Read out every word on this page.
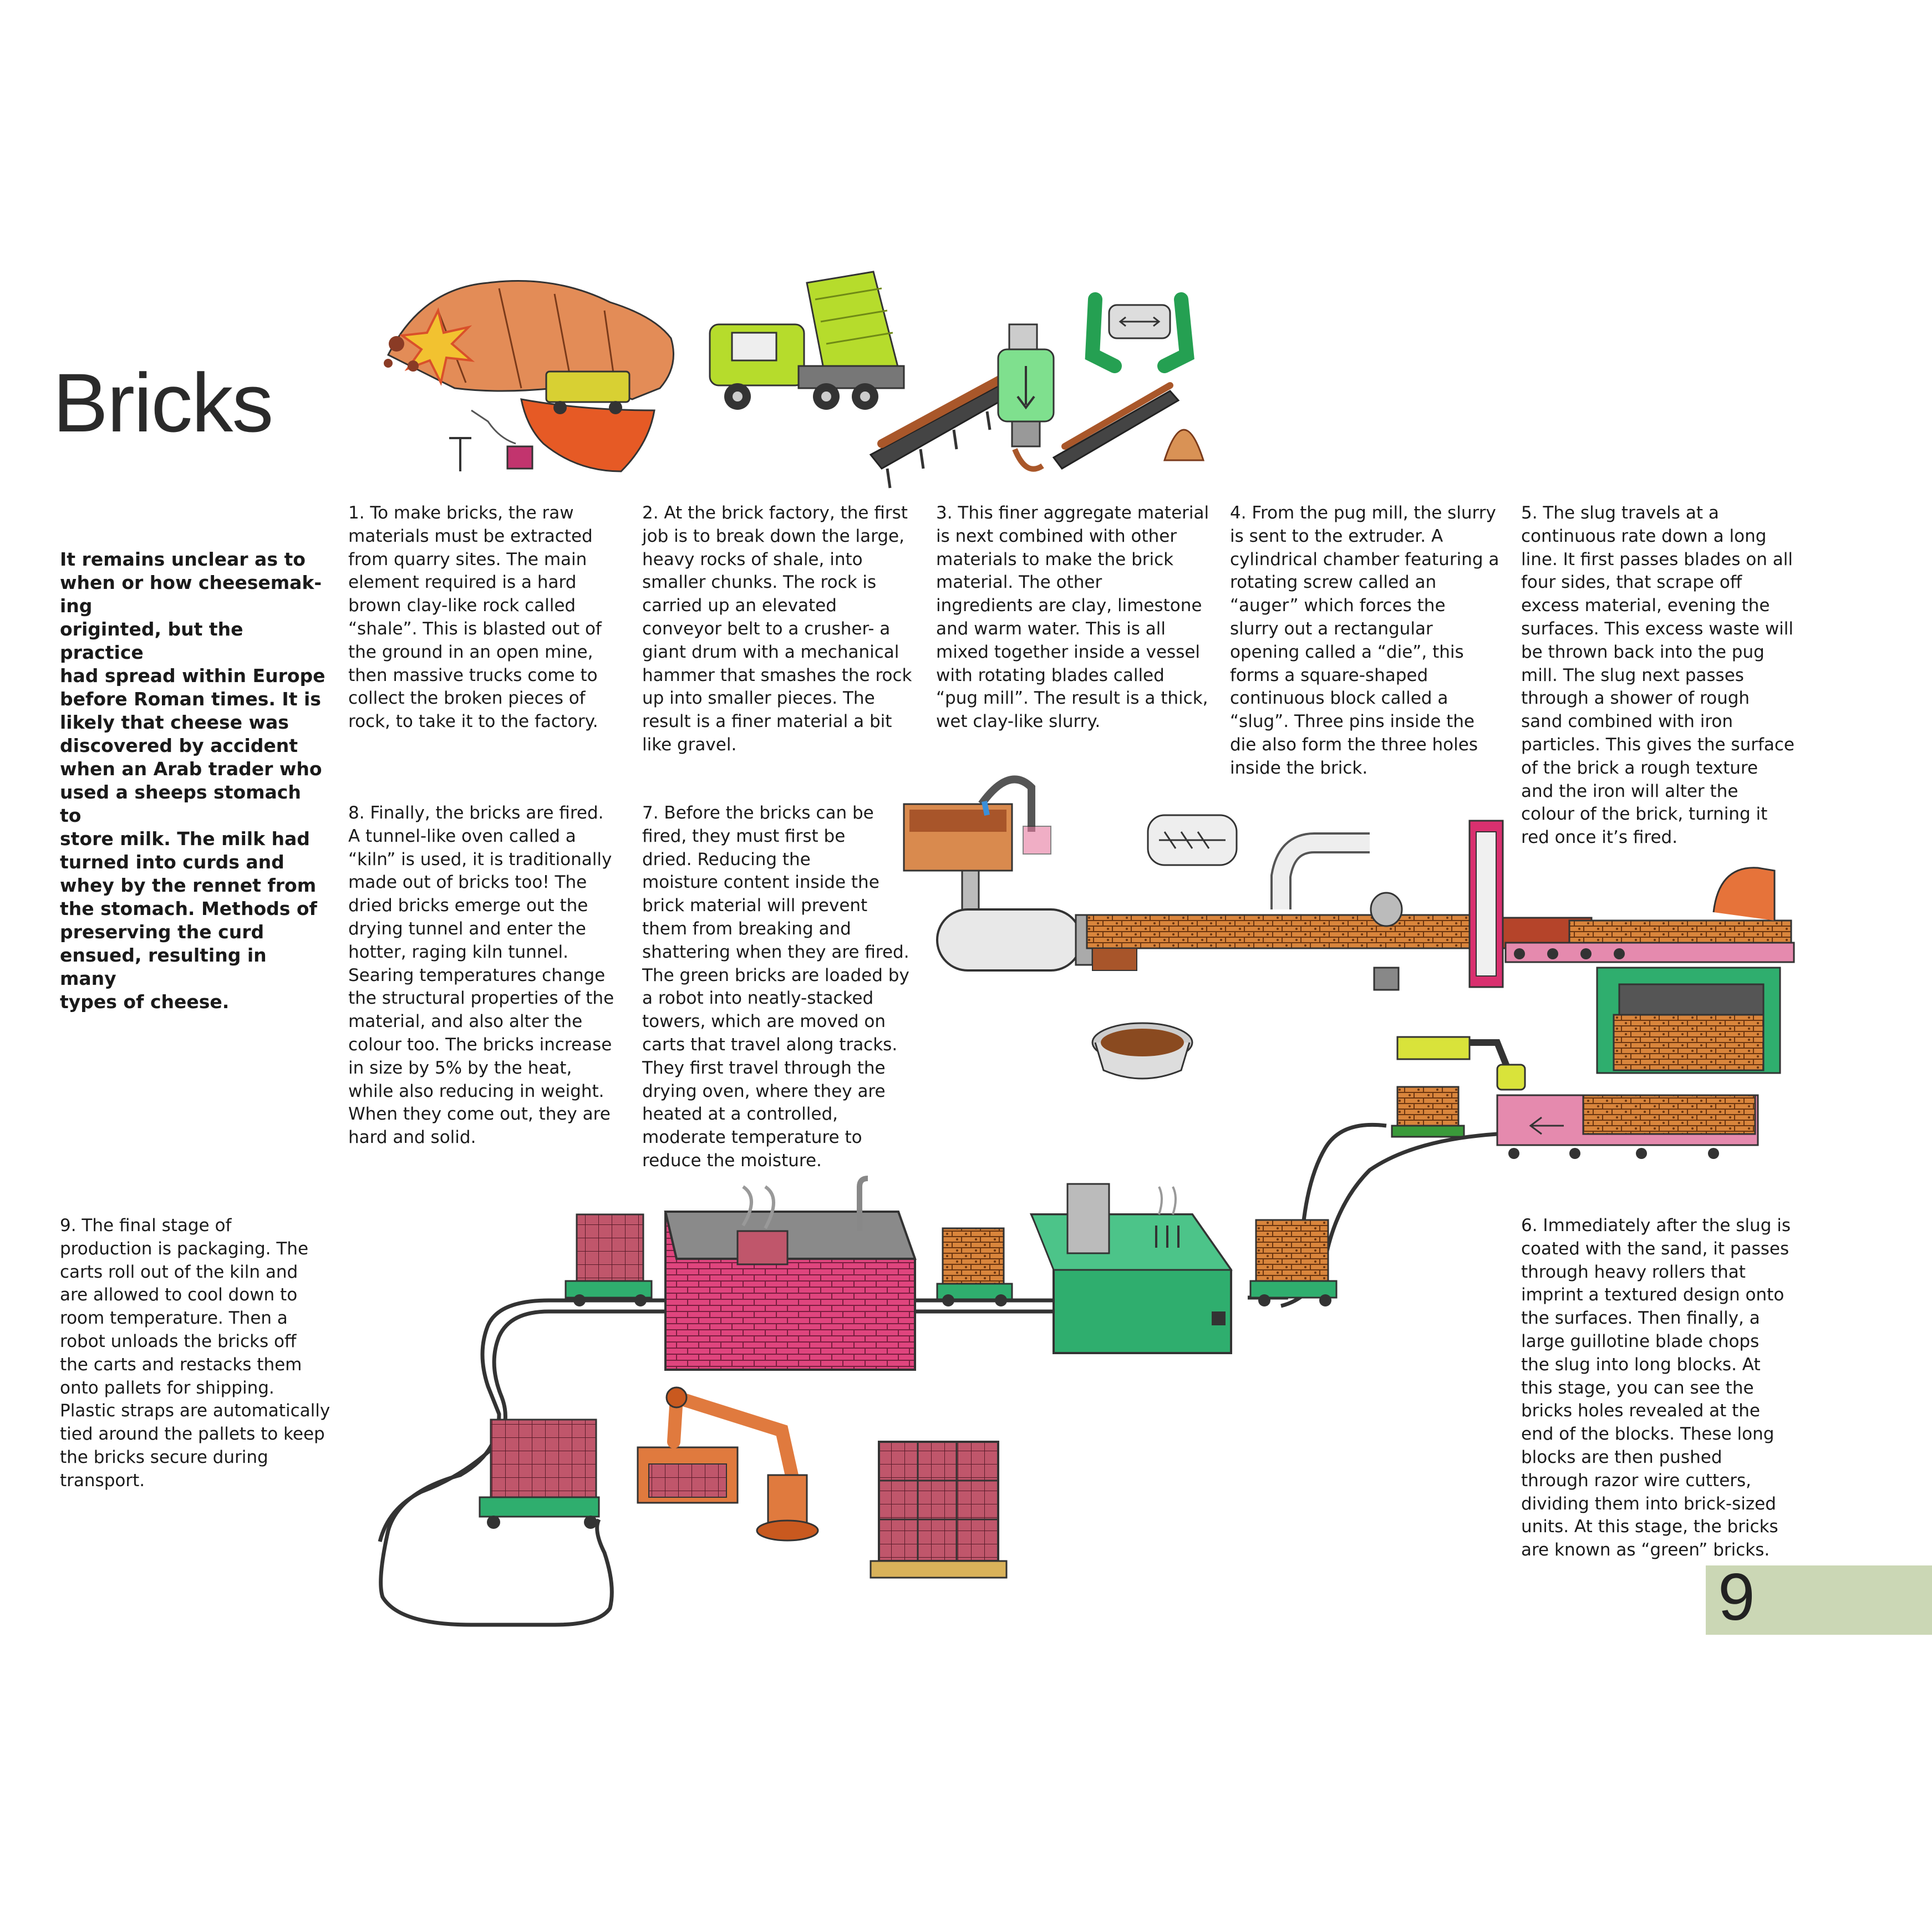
Bricks
It remains unclear as to
when or how cheesemak-
ing
originted, but the practice
had spread within Europe
before Roman times. It is
likely that cheese was
discovered by accident
when an Arab trader who
used a sheeps stomach to
store milk. The milk had
turned into curds and
whey by the rennet from
the stomach. Methods of
preserving the curd
ensued, resulting in many
types of cheese.
1. To make bricks, the raw
materials must be extracted
from quarry sites. The main
element required is a hard
brown clay-like rock called
“shale”. This is blasted out of
the ground in an open mine,
then massive trucks come to
collect the broken pieces of
rock, to take it to the factory.
2. At the brick factory, the first
job is to break down the large,
heavy rocks of shale, into
smaller chunks. The rock is
carried up an elevated
conveyor belt to a crusher- a
giant drum with a mechanical
hammer that smashes the rock
up into smaller pieces. The
result is a finer material a bit
like gravel.
3. This finer aggregate material
is next combined with other
materials to make the brick
material. The other
ingredients are clay, limestone
and warm water. This is all
mixed together inside a vessel
with rotating blades called
“pug mill”. The result is a thick,
wet clay-like slurry.
4. From the pug mill, the slurry
is sent to the extruder. A
cylindrical chamber featuring a
rotating screw called an
“auger” which forces the
slurry out a rectangular
opening called a “die”, this
forms a square-shaped
continuous block called a
“slug”. Three pins inside the
die also form the three holes
inside the brick.
5. The slug travels at a
continuous rate down a long
line. It first passes blades on all
four sides, that scrape off
excess material, evening the
surfaces. This excess waste will
be thrown back into the pug
mill. The slug next passes
through a shower of rough
sand combined with iron
particles. This gives the surface
of the brick a rough texture
and the iron will alter the
colour of the brick, turning it
red once it’s fired.
8. Finally, the bricks are fired.
A tunnel-like oven called a
“kiln” is used, it is traditionally
made out of bricks too! The
dried bricks emerge out the
drying tunnel and enter the
hotter, raging kiln tunnel.
Searing temperatures change
the structural properties of the
material, and also alter the
colour too. The bricks increase
in size by 5% by the heat,
while also reducing in weight.
When they come out, they are
hard and solid.
7. Before the bricks can be
fired, they must first be
dried. Reducing the
moisture content inside the
brick material will prevent
them from breaking and
shattering when they are fired.
The green bricks are loaded by
a robot into neatly-stacked
towers, which are moved on
carts that travel along tracks.
They first travel through the
drying oven, where they are
heated at a controlled,
moderate temperature to
reduce the moisture.
9. The final stage of
production is packaging. The
carts roll out of the kiln and
are allowed to cool down to
room temperature. Then a
robot unloads the bricks off
the carts and restacks them
onto pallets for shipping.
Plastic straps are automatically
tied around the pallets to keep
the bricks secure during
transport.
6. Immediately after the slug is
coated with the sand, it passes
through heavy rollers that
imprint a textured design onto
the surfaces. Then finally, a
large guillotine blade chops
the slug into long blocks. At
this stage, you can see the
bricks holes revealed at the
end of the blocks. These long
blocks are then pushed
through razor wire cutters,
dividing them into brick-sized
units. At this stage, the bricks
are known as “green” bricks.
9
